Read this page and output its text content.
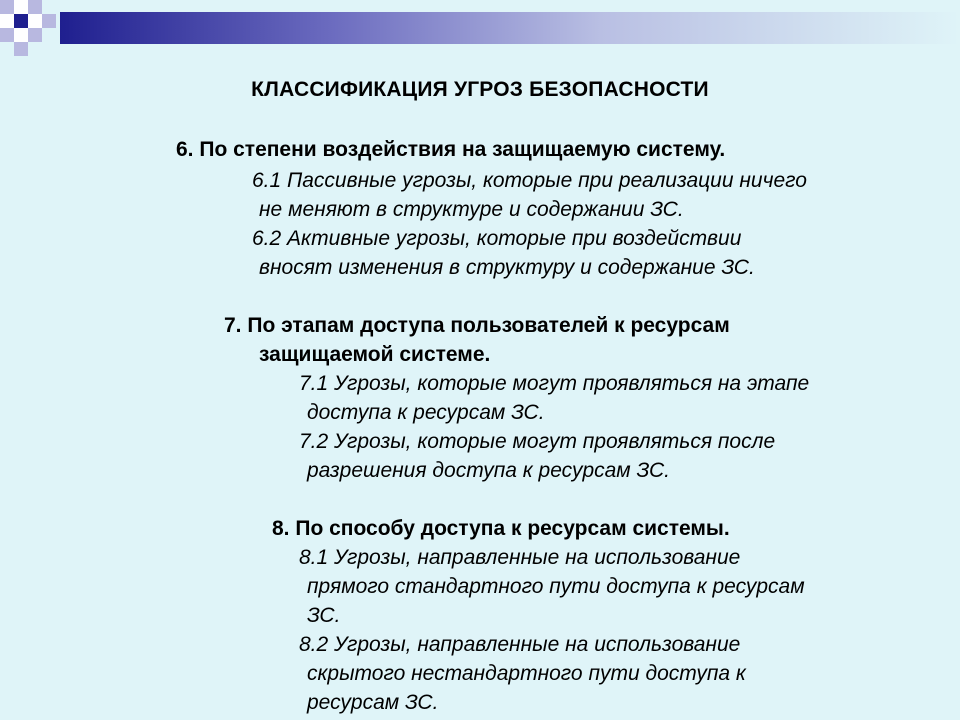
КЛАССИФИКАЦИЯ УГРОЗ БЕЗОПАСНОСТИ
6. По степени воздействия на защищаемую систему.
6.1 Пассивные угрозы, которые при реализации ничего
не меняют в структуре и содержании ЗС.
6.2 Активные угрозы, которые при воздействии
вносят изменения в структуру и содержание ЗС.
7. По этапам доступа пользователей к ресурсам
защищаемой системе.
7.1 Угрозы, которые могут проявляться на этапе
доступа к ресурсам ЗС.
7.2 Угрозы, которые могут проявляться после
разрешения доступа к ресурсам ЗС.
8. По способу доступа к ресурсам системы.
8.1 Угрозы, направленные на использование
прямого стандартного пути доступа к ресурсам
ЗС.
8.2 Угрозы, направленные на использование
скрытого нестандартного пути доступа к
ресурсам ЗС.
